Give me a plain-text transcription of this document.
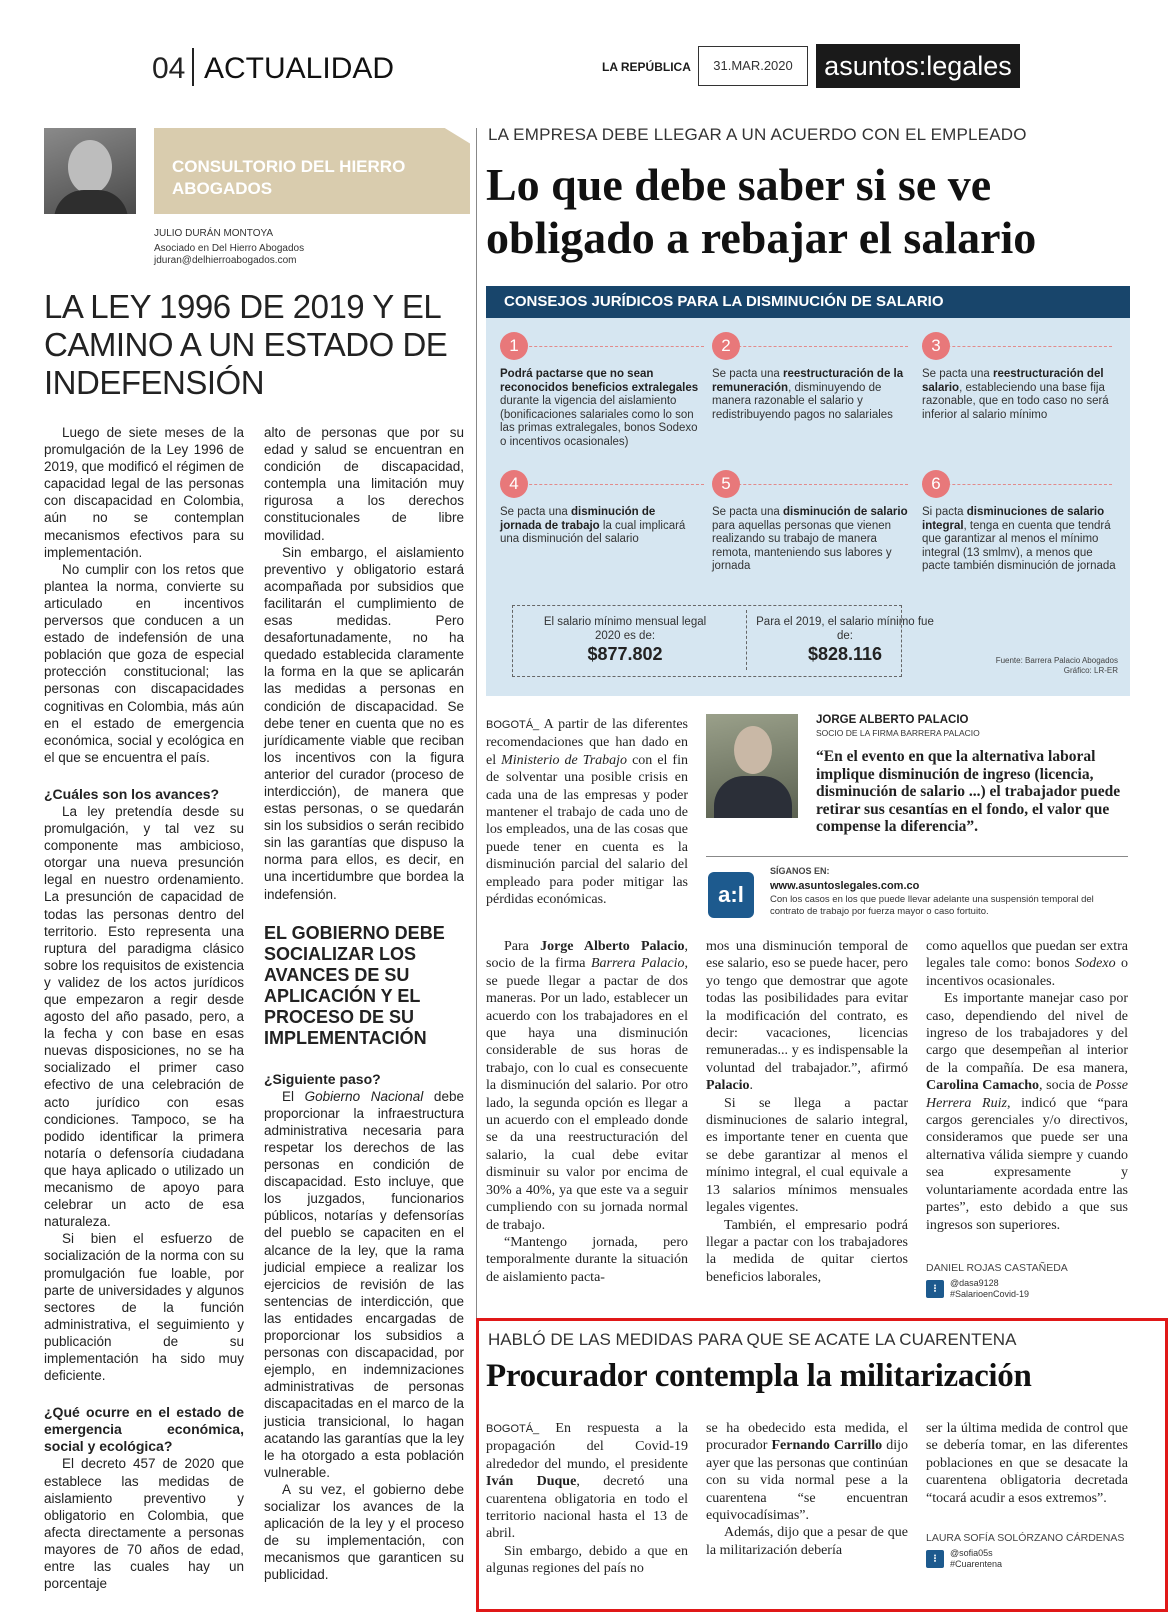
04 ACTUALIDAD	LA REPÚBLICA	31.MAR.2020	asuntos:legales
CONSULTORIO DEL HIERRO ABOGADOS
JULIO DURÁN MONTOYA
Asociado en Del Hierro Abogados
jduran@delhierroabogados.com
LA LEY 1996 DE 2019 Y EL CAMINO A UN ESTADO DE INDEFENSIÓN

Luego de siete meses de la promulgación de la Ley 1996 de 2019, que modificó el régimen de capacidad legal de las personas con discapacidad en Colombia, aún no se contemplan mecanismos efectivos para su implementación.

No cumplir con los retos que plantea la norma, convierte su articulado en incentivos perversos que conducen a un estado de indefensión de una población que goza de especial protección constitucional; las personas con discapacidades cognitivas en Colombia, más aún en el estado de emergencia económica, social y ecológica en el que se encuentra el país.

¿Cuáles son los avances?

La ley pretendía desde su promulgación, y tal vez su componente mas ambicioso, otorgar una nueva presunción legal en nuestro ordenamiento. La presunción de capacidad de todas las personas dentro del territorio. Esto representa una ruptura del paradigma clásico sobre los requisitos de existencia y validez de los actos jurídicos que empezaron a regir desde agosto del año pasado, pero, a la fecha y con base en esas nuevas disposiciones, no se ha socializado el primer caso efectivo de una celebración de acto jurídico con esas condiciones. Tampoco, se ha podido identificar la primera notaría o defensoría ciudadana que haya aplicado o utilizado un mecanismo de apoyo para celebrar un acto de esa naturaleza.

Si bien el esfuerzo de socialización de la norma con su promulgación fue loable, por parte de universidades y algunos sectores de la función administrativa, el seguimiento y publicación de su implementación ha sido muy deficiente.

¿Qué ocurre en el estado de emergencia económica, social y ecológica?

El decreto 457 de 2020 que establece las medidas de aislamiento preventivo y obligatorio en Colombia, que afecta directamente a personas mayores de 70 años de edad, entre las cuales hay un porcentaje

alto de personas que por su edad y salud se encuentran en condición de discapacidad, contempla una limitación muy rigurosa a los derechos constitucionales de libre movilidad.

Sin embargo, el aislamiento preventivo y obligatorio estará acompañada por subsidios que facilitarán el cumplimiento de esas medidas. Pero desafortunadamente, no ha quedado establecida claramente la forma en la que se aplicarán las medidas a personas en condición de discapacidad. Se debe tener en cuenta que no es jurídicamente viable que reciban los incentivos con la figura anterior del curador (proceso de interdicción), de manera que estas personas, o se quedarán sin los subsidios o serán recibido sin las garantías que dispuso la norma para ellos, es decir, en una incertidumbre que bordea la indefensión.

EL GOBIERNO DEBE SOCIALIZAR LOS AVANCES DE SU APLICACIÓN Y EL PROCESO DE SU IMPLEMENTACIÓN
¿Siguiente paso?

El Gobierno Nacional debe proporcionar la infraestructura administrativa necesaria para respetar los derechos de las personas en condición de discapacidad. Esto incluye, que los juzgados, funcionarios públicos, notarías y defensorías del pueblo se capaciten en el alcance de la ley, que la rama judicial empiece a realizar los ejercicios de revisión de las sentencias de interdicción, que las entidades encargadas de proporcionar los subsidios a personas con discapacidad, por ejemplo, en indemnizaciones administrativas de personas discapacitadas en el marco de la justicia transicional, lo hagan acatando las garantías que la ley le ha otorgado a esta población vulnerable.

A su vez, el gobierno debe socializar los avances de la aplicación de la ley y el proceso de su implementación, con mecanismos que garanticen su publicidad.

LA EMPRESA DEBE LLEGAR A UN ACUERDO CON EL EMPLEADO
Lo que debe saber si se ve obligado a rebajar el salario
CONSEJOS JURÍDICOS PARA LA DISMINUCIÓN DE SALARIO
1	2	3
Podrá pactarse que no sean reconocidos beneficios extralegales durante la vigencia del aislamiento (bonificaciones salariales como lo son las primas extralegales, bonos Sodexo o incentivos ocasionales)
Se pacta una reestructuración de la remuneración, disminuyendo de manera razonable el salario y redistribuyendo pagos no salariales
Se pacta una reestructuración del salario, estableciendo una base fija razonable, que en todo caso no será inferior al salario mínimo
4	5	6
Se pacta una disminución de jornada de trabajo la cual implicará una disminución del salario
Se pacta una disminución de salario para aquellas personas que vienen realizando su trabajo de manera remota, manteniendo sus labores y jornada
Si pacta disminuciones de salario integral, tenga en cuenta que tendrá que garantizar al menos el mínimo integral (13 smlmv), a menos que pacte también disminución de jornada
El salario mínimo mensual legal 2020 es de:
$877.802
Para el 2019, el salario mínimo fue de:
$828.116	Fuente: Barrera Palacio Abogados
Gráfico: LR-ER

BOGOTÁ_ A partir de las diferentes recomendaciones que han dado en el Ministerio de Trabajo con el fin de solventar una posible crisis en cada una de las empresas y poder mantener el trabajo de cada uno de los empleados, una de las cosas que puede tener en cuenta es la disminución parcial del salario del empleado para poder mitigar las pérdidas económicas.

JORGE ALBERTO PALACIO
SOCIO DE LA FIRMA BARRERA PALACIO
“En el evento en que la alternativa laboral implique disminución de ingreso (licencia, disminución de salario ...) el trabajador puede retirar sus cesantías en el fondo, el valor que compense la diferencia”.
a:l
SÍGANOS EN:
www.asuntoslegales.com.co
Con los casos en los que puede llevar adelante una suspensión temporal del contrato de trabajo por fuerza mayor o caso fortuito.

Para Jorge Alberto Palacio, socio de la firma Barrera Palacio, se puede llegar a pactar de dos maneras. Por un lado, establecer un acuerdo con los trabajadores en el que haya una disminución considerable de sus horas de trabajo, con lo cual es consecuente la disminución del salario. Por otro lado, la segunda opción es llegar a un acuerdo con el empleado donde se da una reestructuración del salario, la cual debe evitar disminuir su valor por encima de 30% a 40%, ya que este va a seguir cumpliendo con su jornada normal de trabajo.

“Mantengo jornada, pero temporalmente durante la situación de aislamiento pacta-

mos una disminución temporal de ese salario, eso se puede hacer, pero yo tengo que demostrar que agote todas las posibilidades para evitar la modificación del contrato, es decir: vacaciones, licencias remuneradas... y es indispensable la voluntad del trabajador.”, afirmó Palacio.

Si se llega a pactar disminuciones de salario integral, es importante tener en cuenta que se debe garantizar al menos el mínimo integral, el cual equivale a 13 salarios mínimos mensuales legales vigentes.

También, el empresario podrá llegar a pactar con los trabajadores la medida de quitar ciertos beneficios laborales,

como aquellos que puedan ser extra legales tale como: bonos Sodexo o incentivos ocasionales.

Es importante manejar caso por caso, dependiendo del nivel de ingreso de los trabajadores y del cargo que desempeñan al interior de la compañía. De esa manera, Carolina Camacho, socia de Posse Herrera Ruiz, indicó que “para cargos gerenciales y/o directivos, consideramos que puede ser una alternativa válida siempre y cuando sea expresamente y voluntariamente acordada entre las partes”, esto debido a que sus ingresos son superiores.

DANIEL ROJAS CASTAÑEDA
⁝	@dasa9128
#SalarioenCovid-19
HABLÓ DE LAS MEDIDAS PARA QUE SE ACATE LA CUARENTENA
Procurador contempla la militarización

BOGOTÁ_ En respuesta a la propagación del Covid-19 alrededor del mundo, el presidente Iván Duque, decretó una cuarentena obligatoria en todo el territorio nacional hasta el 13 de abril.

Sin embargo, debido a que en algunas regiones del país no

se ha obedecido esta medida, el procurador Fernando Carrillo dijo ayer que las personas que continúan con su vida normal pese a la cuarentena “se encuentran equivocadísimas”.

Además, dijo que a pesar de que la militarización debería

ser la última medida de control que se debería tomar, en las diferentes poblaciones en que se desacate la cuarentena obligatoria decretada “tocará acudir a esos extremos”.

LAURA SOFÍA SOLÓRZANO CÁRDENAS
⁝	@sofia05s
#Cuarentena
